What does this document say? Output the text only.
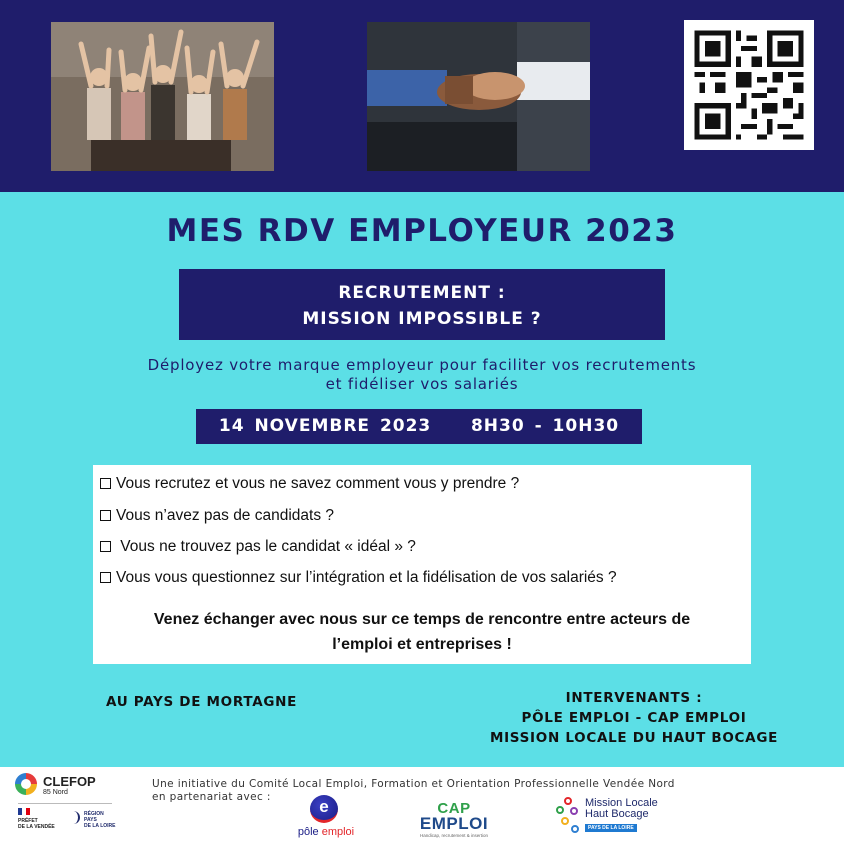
MES RDV EMPLOYEUR 2023
RECRUTEMENT :
MISSION IMPOSSIBLE ?
Déployez votre marque employeur pour faciliter vos recrutements
et fidéliser vos salariés
14 NOVEMBRE 2023 8H30 - 10H30
Vous recrutez et vous ne savez comment vous y prendre ?
Vous n’avez pas de candidats ?
Vous ne trouvez pas le candidat « idéal » ?
Vous vous questionnez sur l’intégration et la fidélisation de vos salariés ?
Venez échanger avec nous sur ce temps de rencontre entre acteurs de
l’emploi et entreprises !
AU PAYS DE MORTAGNE	INTERVENANTS :
PÔLE EMPLOI - CAP EMPLOI
MISSION LOCALE DU HAUT BOCAGE
CLEFOP
85 Nord
PRÉFET
DE LA VENDÉE
RÉGION
PAYS
DE LA LOIRE
Une initiative du Comité Local Emploi, Formation et Orientation Professionnelle Vendée Nord
en partenariat avec :	e
pôle emploi
CAP
EMPLOI
Handicap, recrutement & insertion
Mission Locale
Haut Bocage
PAYS DE LA LOIRE
